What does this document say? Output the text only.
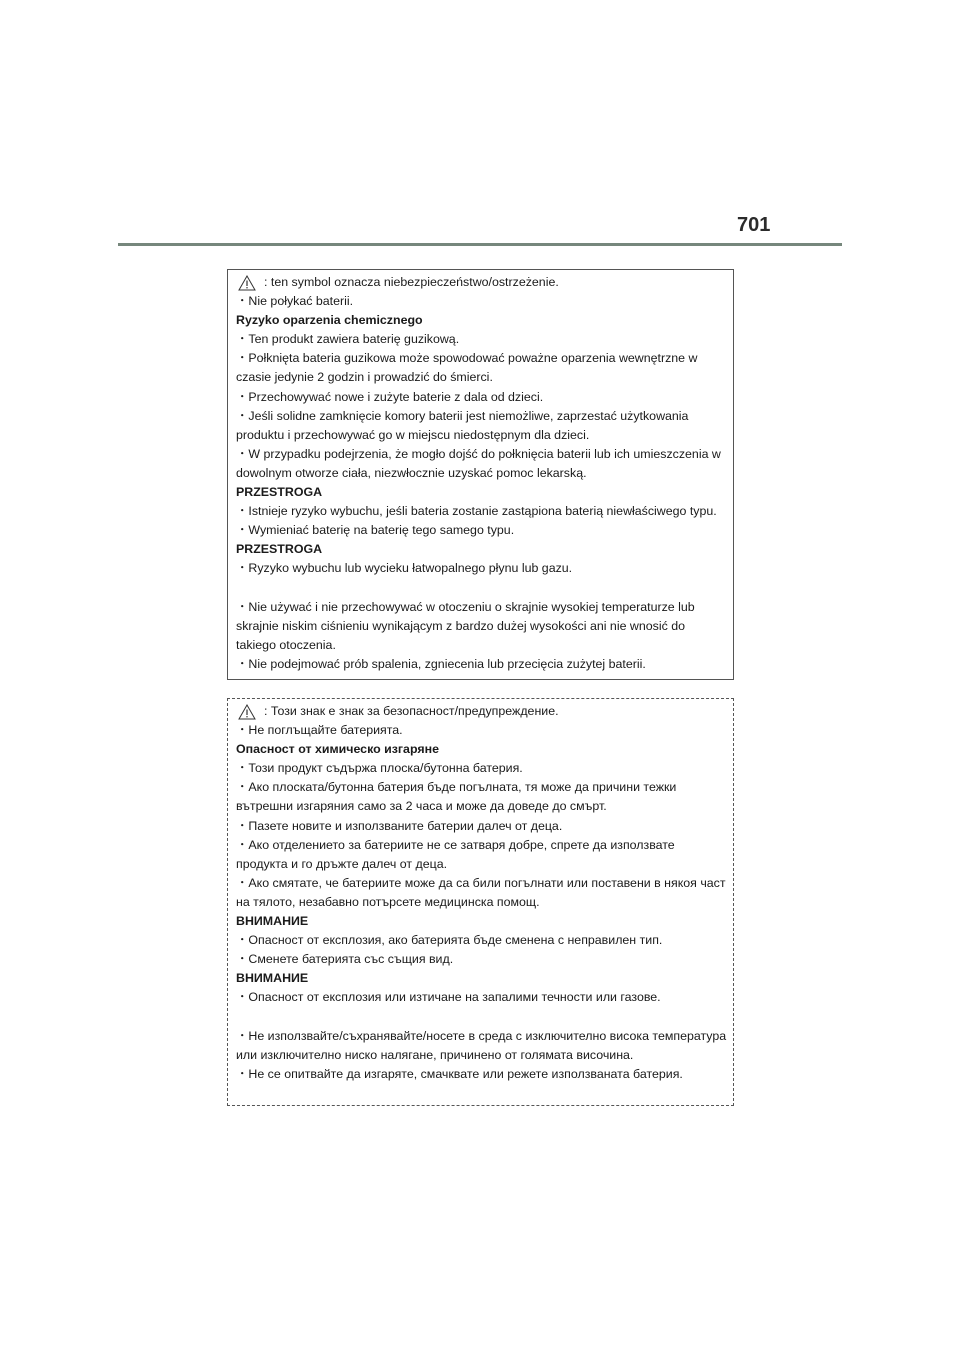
701
: ten symbol oznacza niebezpieczeństwo/ostrzeżenie.
・Nie połykać baterii.
Ryzyko oparzenia chemicznego
・Ten produkt zawiera baterię guzikową.
・Połknięta bateria guzikowa może spowodować poważne oparzenia wewnętrzne w
czasie jedynie 2 godzin i prowadzić do śmierci.
・Przechowywać nowe i zużyte baterie z dala od dzieci.
・Jeśli solidne zamknięcie komory baterii jest niemożliwe, zaprzestać użytkowania
produktu i przechowywać go w miejscu niedostępnym dla dzieci.
・W przypadku podejrzenia, że mogło dojść do połknięcia baterii lub ich umieszczenia w
dowolnym otworze ciała, niezwłocznie uzyskać pomoc lekarską.
PRZESTROGA
・Istnieje ryzyko wybuchu, jeśli bateria zostanie zastąpiona baterią niewłaściwego typu.
・Wymieniać baterię na baterię tego samego typu.
PRZESTROGA
・Ryzyko wybuchu lub wycieku łatwopalnego płynu lub gazu.
・Nie używać i nie przechowywać w otoczeniu o skrajnie wysokiej temperaturze lub
skrajnie niskim ciśnieniu wynikającym z bardzo dużej wysokości ani nie wnosić do
takiego otoczenia.
・Nie podejmować prób spalenia, zgniecenia lub przecięcia zużytej baterii.
: Този знак е знак за безопасност/предупреждение.
・Не поглъщайте батерията.
Опасност от химическо изгаряне
・Този продукт съдържа плоска/бутонна батерия.
・Ако плоската/бутонна батерия бъде погълната, тя може да причини тежки
вътрешни изгаряния само за 2 часа и може да доведе до смърт.
・Пазете новите и използваните батерии далеч от деца.
・Ако отделението за батериите не се затваря добре, спрете да използвате
продукта и го дръжте далеч от деца.
・Ако смятате, че батериите може да са били погълнати или поставени в някоя част
на тялото, незабавно потърсете медицинска помощ.
ВНИМАНИЕ
・Опасност от експлозия, ако батерията бъде сменена с неправилен тип.
・Сменете батерията със същия вид.
ВНИМАНИЕ
・Опасност от експлозия или изтичане на запалими течности или газове.
・Не използвайте/съхранявайте/носете в среда с изключително висока температура
или изключително ниско налягане, причинено от голямата височина.
・Не се опитвайте да изгаряте, смачквате или режете използваната батерия.
